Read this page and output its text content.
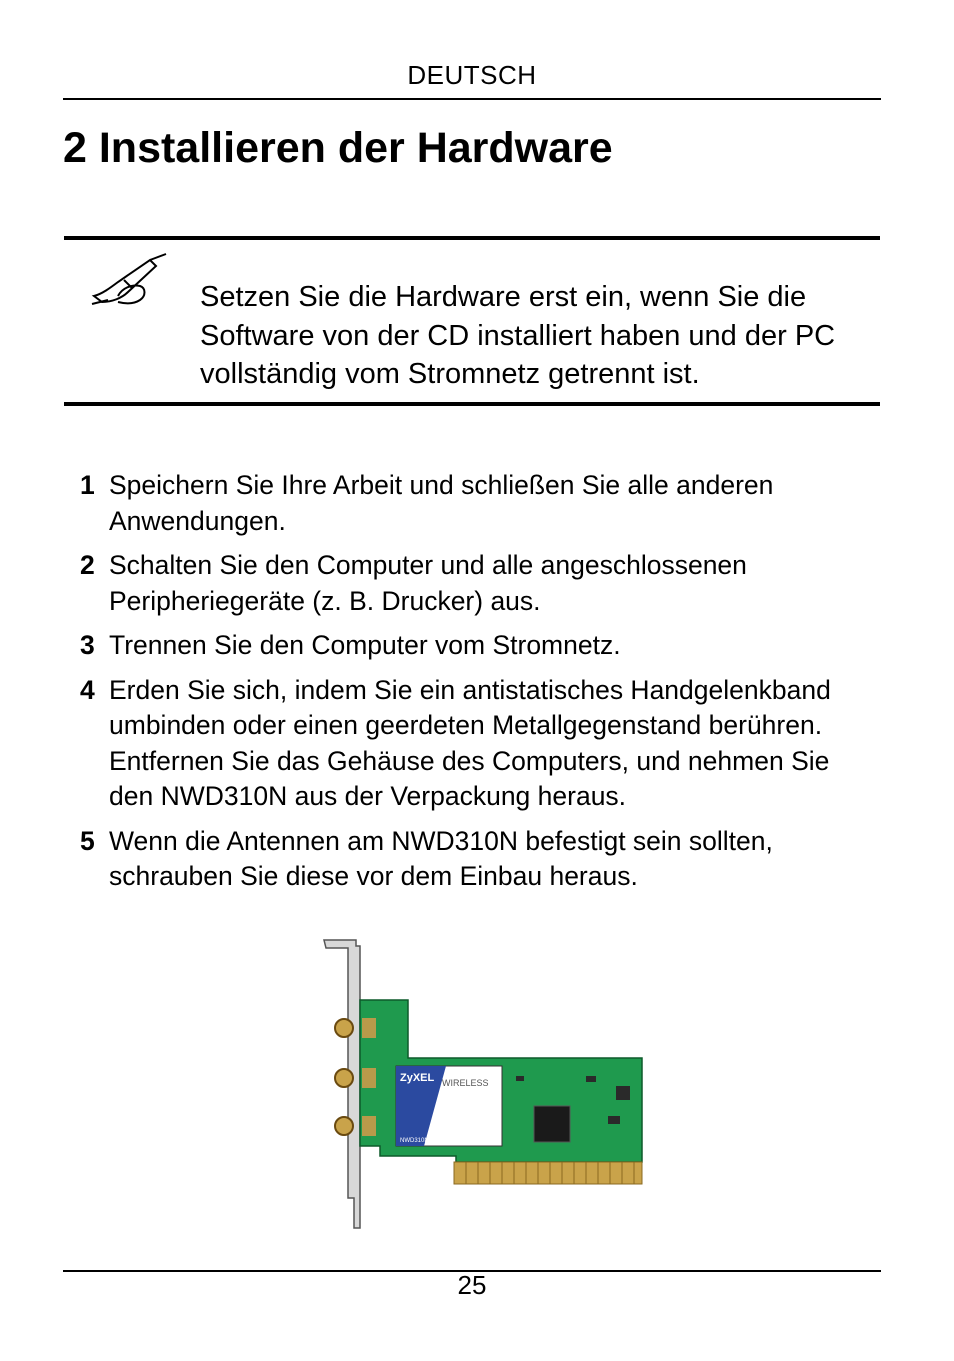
DEUTSCH
2 Installieren der Hardware

Setzen Sie die Hardware erst ein, wenn Sie die Software von der CD installiert haben und der PC vollständig vom Stromnetz getrennt ist.

1 Speichern Sie Ihre Arbeit und schließen Sie alle anderen Anwendungen.
2 Schalten Sie den Computer und alle angeschlossenen Peripheriegeräte (z. B. Drucker) aus.
3 Trennen Sie den Computer vom Stromnetz.
4 Erden Sie sich, indem Sie ein antistatisches Handgelenkband umbinden oder einen geerdeten Metallgegenstand berühren. Entfernen Sie das Gehäuse des Computers, und nehmen Sie den NWD310N aus der Verpackung heraus.
5 Wenn die Antennen am NWD310N befestigt sein sollten, schrauben Sie diese vor dem Einbau heraus.
ZyXEL WIRELESS
NWD310N
25
